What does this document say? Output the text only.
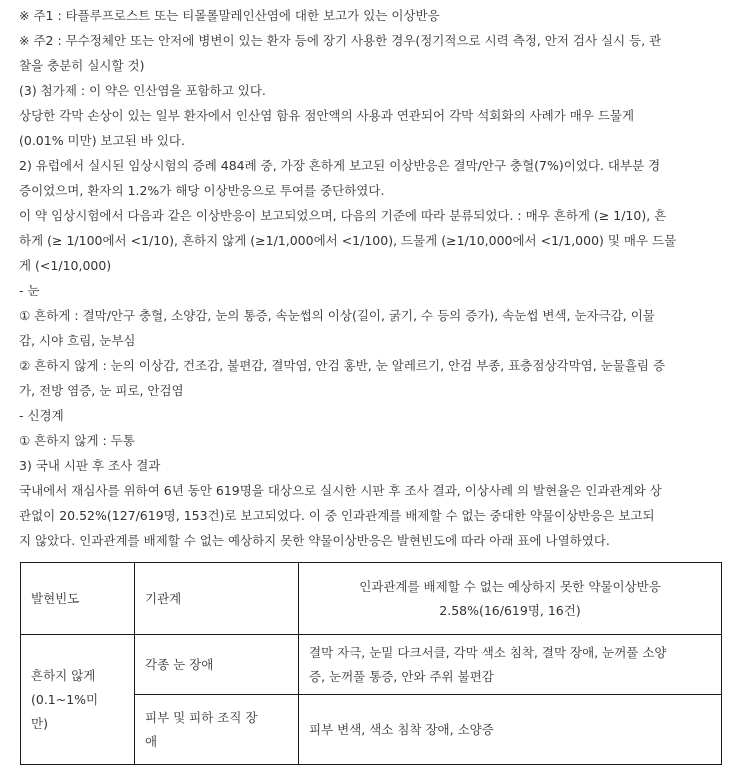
※ 주1 : 타플루프로스트 또는 티몰롤말레인산염에 대한 보고가 있는 이상반응
※ 주2 : 무수정체안 또는 안저에 병변이 있는 환자 등에 장기 사용한 경우(정기적으로 시력 측정, 안저 검사 실시 등, 관
찰을 충분히 실시할 것)
(3) 첨가제 : 이 약은 인산염을 포함하고 있다.
상당한 각막 손상이 있는 일부 환자에서 인산염 함유 점안액의 사용과 연관되어 각막 석회화의 사례가 매우 드물게
(0.01% 미만) 보고된 바 있다.
2) 유럽에서 실시된 임상시험의 증례 484례 중, 가장 흔하게 보고된 이상반응은 결막/안구 충혈(7%)이었다. 대부분 경
증이었으며, 환자의 1.2%가 해당 이상반응으로 투여를 중단하였다.
이 약 임상시험에서 다음과 같은 이상반응이 보고되었으며, 다음의 기준에 따라 분류되었다. : 매우 흔하게 (≥ 1/10), 흔
하게 (≥ 1/100에서 <1/10), 흔하지 않게 (≥1/1,000에서 <1/100), 드물게 (≥1/10,000에서 <1/1,000) 및 매우 드물
게 (<1/10,000)
- 눈
① 흔하게 : 결막/안구 충혈, 소양감, 눈의 통증, 속눈썹의 이상(길이, 굵기, 수 등의 증가), 속눈썹 변색, 눈자극감, 이물
감, 시야 흐림, 눈부심
② 흔하지 않게 : 눈의 이상감, 건조감, 불편감, 결막염, 안검 홍반, 눈 알레르기, 안검 부종, 표층점상각막염, 눈물흘림 증
가, 전방 염증, 눈 피로, 안검염
- 신경계
① 흔하지 않게 : 두통
3) 국내 시판 후 조사 결과
국내에서 재심사를 위하여 6년 동안 619명을 대상으로 실시한 시판 후 조사 결과, 이상사례 의 발현율은 인과관계와 상
관없이 20.52%(127/619명, 153건)로 보고되었다. 이 중 인과관계를 배제할 수 없는 중대한 약물이상반응은 보고되
지 않았다. 인과관계를 배제할 수 없는 예상하지 못한 약물이상반응은 발현빈도에 따라 아래 표에 나열하였다.
발현빈도	기관계	인과관계를 배제할 수 없는 예상하지 못한 약물이상반응
2.58%(16/619명, 16건)

흔하지 않게
(0.1~1%미
만)	각종 눈 장애	결막 자극, 눈밑 다크서클, 각막 색소 침착, 결막 장애, 눈꺼풀 소양
증, 눈꺼풀 통증, 안와 주위 불편감
	피부 및 피하 조직 장
애	피부 변색, 색소 침착 장애, 소양증
